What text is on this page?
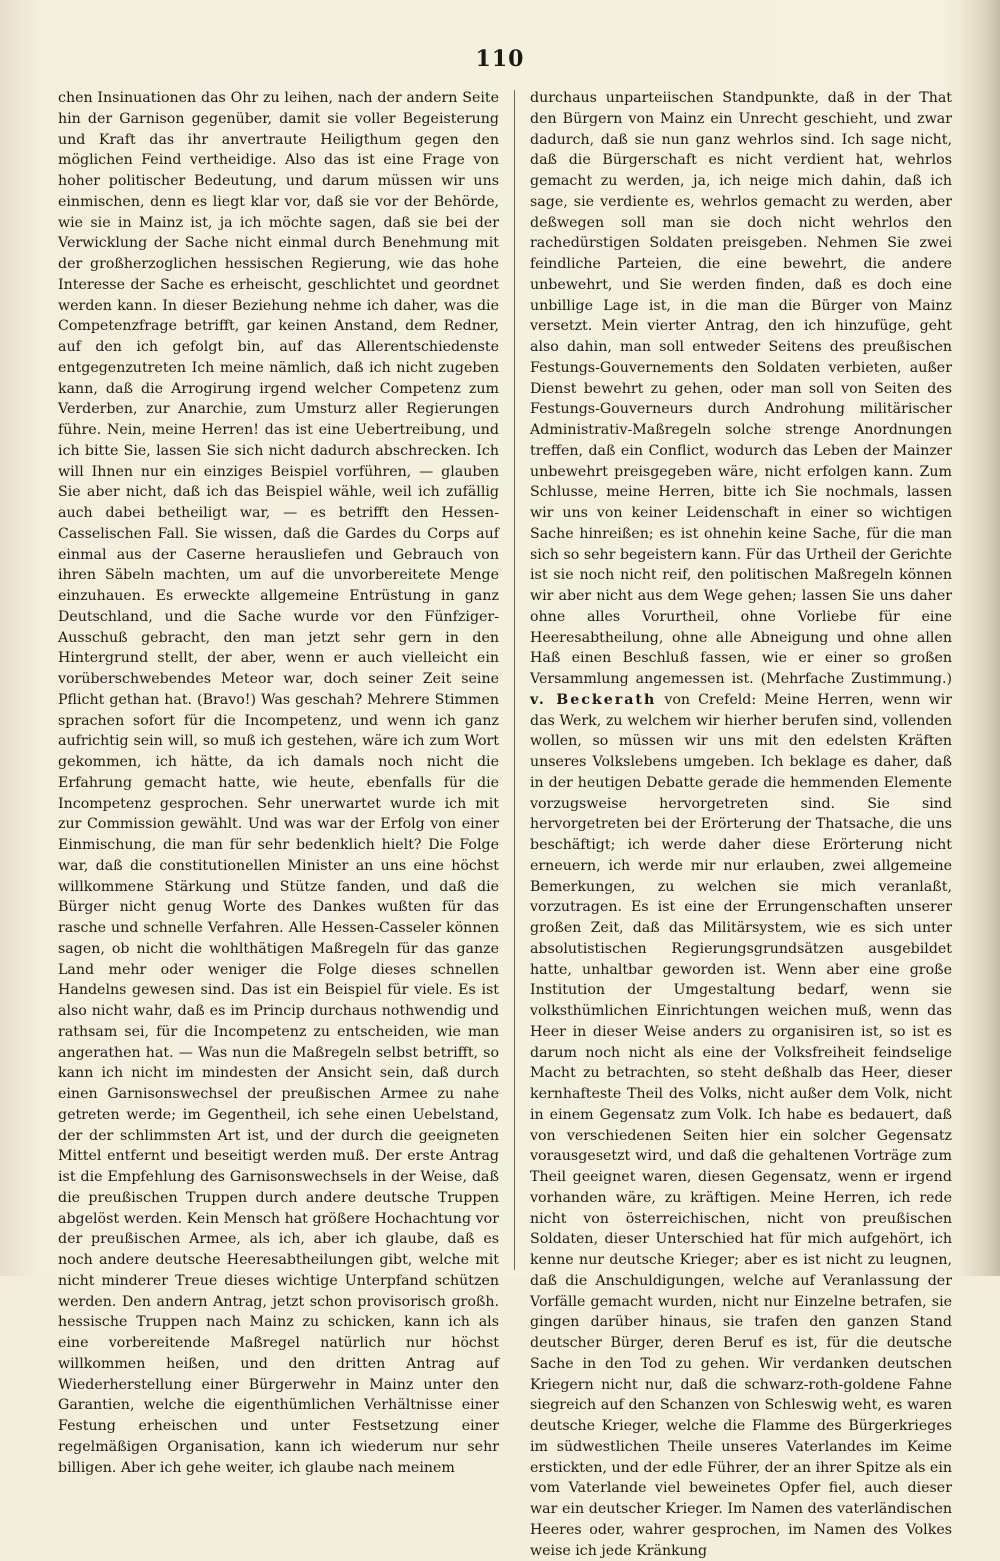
110

chen Insinuationen das Ohr zu leihen, nach der andern Seite hin der Garnison gegenüber, damit sie voller Begeisterung und Kraft das ihr anvertraute Heiligthum gegen den möglichen Feind vertheidige. Also das ist eine Frage von hoher politischer Bedeutung, und darum müssen wir uns einmischen, denn es liegt klar vor, daß sie vor der Behörde, wie sie in Mainz ist, ja ich möchte sagen, daß sie bei der Verwicklung der Sache nicht einmal durch Benehmung mit der großherzoglichen hessischen Regierung, wie das hohe Interesse der Sache es erheischt, geschlichtet und geordnet werden kann. In dieser Beziehung nehme ich daher, was die Competenzfrage betrifft, gar keinen Anstand, dem Redner, auf den ich gefolgt bin, auf das Allerentschiedenste entgegenzutreten Ich meine nämlich, daß ich nicht zugeben kann, daß die Arrogirung irgend welcher Competenz zum Verderben, zur Anarchie, zum Umsturz aller Regierungen führe. Nein, meine Herren! das ist eine Uebertreibung, und ich bitte Sie, lassen Sie sich nicht dadurch abschrecken. Ich will Ihnen nur ein einziges Beispiel vorführen, — glauben Sie aber nicht, daß ich das Beispiel wähle, weil ich zufällig auch dabei betheiligt war, — es betrifft den Hessen-Casselischen Fall. Sie wissen, daß die Gardes du Corps auf einmal aus der Caserne herausliefen und Gebrauch von ihren Säbeln machten, um auf die unvorbereitete Menge einzuhauen. Es erweckte allgemeine Entrüstung in ganz Deutschland, und die Sache wurde vor den Fünfziger-Ausschuß gebracht, den man jetzt sehr gern in den Hintergrund stellt, der aber, wenn er auch vielleicht ein vorüberschwebendes Meteor war, doch seiner Zeit seine Pflicht gethan hat. (Bravo!) Was geschah? Mehrere Stimmen sprachen sofort für die Incompetenz, und wenn ich ganz aufrichtig sein will, so muß ich gestehen, wäre ich zum Wort gekommen, ich hätte, da ich damals noch nicht die Erfahrung gemacht hatte, wie heute, ebenfalls für die Incompetenz gesprochen. Sehr unerwartet wurde ich mit zur Commission gewählt. Und was war der Erfolg von einer Einmischung, die man für sehr bedenklich hielt? Die Folge war, daß die constitutionellen Minister an uns eine höchst willkommene Stärkung und Stütze fanden, und daß die Bürger nicht genug Worte des Dankes wußten für das rasche und schnelle Verfahren. Alle Hessen-Casseler können sagen, ob nicht die wohlthätigen Maßregeln für das ganze Land mehr oder weniger die Folge dieses schnellen Handelns gewesen sind. Das ist ein Beispiel für viele. Es ist also nicht wahr, daß es im Princip durchaus nothwendig und rathsam sei, für die Incompetenz zu entscheiden, wie man angerathen hat. — Was nun die Maßregeln selbst betrifft, so kann ich nicht im mindesten der Ansicht sein, daß durch einen Garnisonswechsel der preußischen Armee zu nahe getreten werde; im Gegentheil, ich sehe einen Uebelstand, der der schlimmsten Art ist, und der durch die geeigneten Mittel entfernt und beseitigt werden muß. Der erste Antrag ist die Empfehlung des Garnisonswechsels in der Weise, daß die preußischen Truppen durch andere deutsche Truppen abgelöst werden. Kein Mensch hat größere Hochachtung vor der preußischen Armee, als ich, aber ich glaube, daß es noch andere deutsche Heeresabtheilungen gibt, welche mit nicht minderer Treue dieses wichtige Unterpfand schützen werden. Den andern Antrag, jetzt schon provisorisch großh. hessische Truppen nach Mainz zu schicken, kann ich als eine vorbereitende Maßregel natürlich nur höchst willkommen heißen, und den dritten Antrag auf Wiederherstellung einer Bürgerwehr in Mainz unter den Garantien, welche die eigenthümlichen Verhältnisse einer Festung erheischen und unter Festsetzung einer regelmäßigen Organisation, kann ich wiederum nur sehr billigen. Aber ich gehe weiter, ich glaube nach meinem

durchaus unparteiischen Standpunkte, daß in der That den Bürgern von Mainz ein Unrecht geschieht, und zwar dadurch, daß sie nun ganz wehrlos sind. Ich sage nicht, daß die Bürgerschaft es nicht verdient hat, wehrlos gemacht zu werden, ja, ich neige mich dahin, daß ich sage, sie verdiente es, wehrlos gemacht zu werden, aber deßwegen soll man sie doch nicht wehrlos den rachedürstigen Soldaten preisgeben. Nehmen Sie zwei feindliche Parteien, die eine bewehrt, die andere unbewehrt, und Sie werden finden, daß es doch eine unbillige Lage ist, in die man die Bürger von Mainz versetzt. Mein vierter Antrag, den ich hinzufüge, geht also dahin, man soll entweder Seitens des preußischen Festungs-Gouvernements den Soldaten verbieten, außer Dienst bewehrt zu gehen, oder man soll von Seiten des Festungs-Gouverneurs durch Androhung militärischer Administrativ-Maßregeln solche strenge Anordnungen treffen, daß ein Conflict, wodurch das Leben der Mainzer unbewehrt preisgegeben wäre, nicht erfolgen kann. Zum Schlusse, meine Herren, bitte ich Sie nochmals, lassen wir uns von keiner Leidenschaft in einer so wichtigen Sache hinreißen; es ist ohnehin keine Sache, für die man sich so sehr begeistern kann. Für das Urtheil der Gerichte ist sie noch nicht reif, den politischen Maßregeln können wir aber nicht aus dem Wege gehen; lassen Sie uns daher ohne alles Vorurtheil, ohne Vorliebe für eine Heeresabtheilung, ohne alle Abneigung und ohne allen Haß einen Beschluß fassen, wie er einer so großen Versammlung angemessen ist. (Mehrfache Zustimmung.) v. Beckerath von Crefeld: Meine Herren, wenn wir das Werk, zu welchem wir hierher berufen sind, vollenden wollen, so müssen wir uns mit den edelsten Kräften unseres Volkslebens umgeben. Ich beklage es daher, daß in der heutigen Debatte gerade die hemmenden Elemente vorzugsweise hervorgetreten sind. Sie sind hervorgetreten bei der Erörterung der Thatsache, die uns beschäftigt; ich werde daher diese Erörterung nicht erneuern, ich werde mir nur erlauben, zwei allgemeine Bemerkungen, zu welchen sie mich veranlaßt, vorzutragen. Es ist eine der Errungenschaften unserer großen Zeit, daß das Militärsystem, wie es sich unter absolutistischen Regierungsgrundsätzen ausgebildet hatte, unhaltbar geworden ist. Wenn aber eine große Institution der Umgestaltung bedarf, wenn sie volksthümlichen Einrichtungen weichen muß, wenn das Heer in dieser Weise anders zu organisiren ist, so ist es darum noch nicht als eine der Volksfreiheit feindselige Macht zu betrachten, so steht deßhalb das Heer, dieser kernhafteste Theil des Volks, nicht außer dem Volk, nicht in einem Gegensatz zum Volk. Ich habe es bedauert, daß von verschiedenen Seiten hier ein solcher Gegensatz vorausgesetzt wird, und daß die gehaltenen Vorträge zum Theil geeignet waren, diesen Gegensatz, wenn er irgend vorhanden wäre, zu kräftigen. Meine Herren, ich rede nicht von österreichischen, nicht von preußischen Soldaten, dieser Unterschied hat für mich aufgehört, ich kenne nur deutsche Krieger; aber es ist nicht zu leugnen, daß die Anschuldigungen, welche auf Veranlassung der Vorfälle gemacht wurden, nicht nur Einzelne betrafen, sie gingen darüber hinaus, sie trafen den ganzen Stand deutscher Bürger, deren Beruf es ist, für die deutsche Sache in den Tod zu gehen. Wir verdanken deutschen Kriegern nicht nur, daß die schwarz-roth-goldene Fahne siegreich auf den Schanzen von Schleswig weht, es waren deutsche Krieger, welche die Flamme des Bürgerkrieges im südwestlichen Theile unseres Vaterlandes im Keime erstickten, und der edle Führer, der an ihrer Spitze als ein vom Vaterlande viel beweinetes Opfer fiel, auch dieser war ein deutscher Krieger. Im Namen des vaterländischen Heeres oder, wahrer gesprochen, im Namen des Volkes weise ich jede Kränkung
